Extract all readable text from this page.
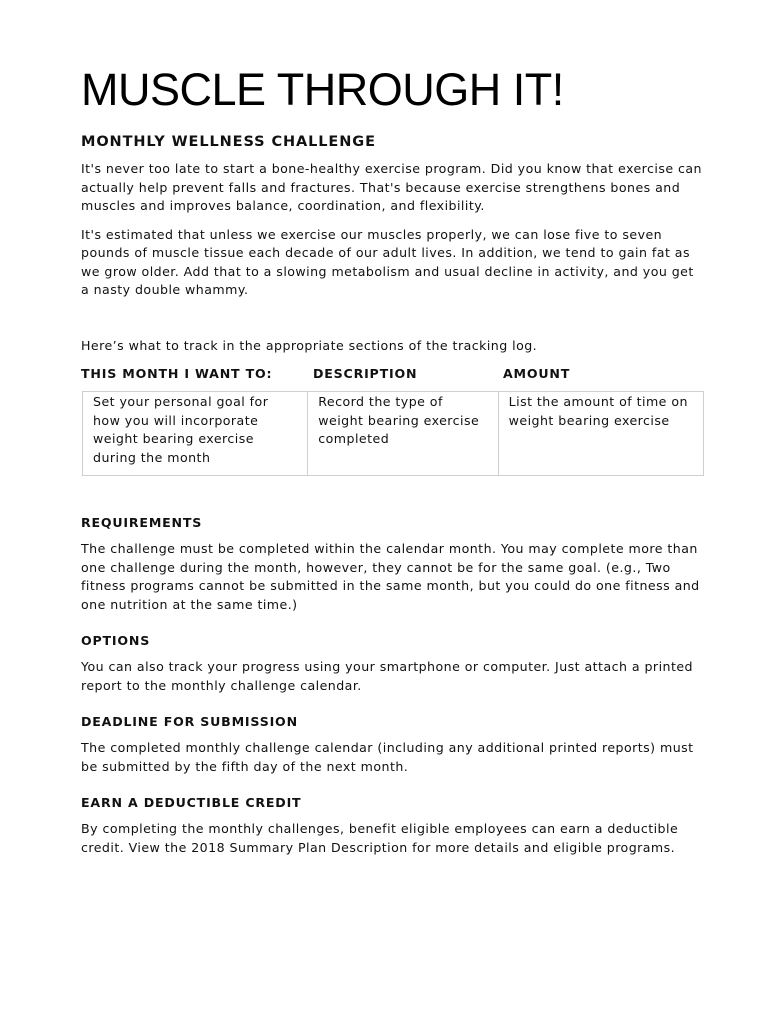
MUSCLE THROUGH IT!
MONTHLY WELLNESS CHALLENGE

It's never too late to start a bone-healthy exercise program. Did you know that exercise can actually help prevent falls and fractures. That's because exercise strengthens bones and muscles and improves balance, coordination, and flexibility.

It's estimated that unless we exercise our muscles properly, we can lose five to seven pounds of muscle tissue each decade of our adult lives. In addition, we tend to gain fat as we grow older. Add that to a slowing metabolism and usual decline in activity, and you get a nasty double whammy.

Here’s what to track in the appropriate sections of the tracking log.

THIS MONTH I WANT TO:	DESCRIPTION	AMOUNT
Set your personal goal for how you will incorporate weight bearing exercise during the month
Record the type of weight bearing exercise completed
List the amount of time on weight bearing exercise
REQUIREMENTS

The challenge must be completed within the calendar month. You may complete more than one challenge during the month, however, they cannot be for the same goal. (e.g., Two fitness programs cannot be submitted in the same month, but you could do one fitness and one nutrition at the same time.)

OPTIONS

You can also track your progress using your smartphone or computer. Just attach a printed report to the monthly challenge calendar.

DEADLINE FOR SUBMISSION

The completed monthly challenge calendar (including any additional printed reports) must be submitted by the fifth day of the next month.

EARN A DEDUCTIBLE CREDIT

By completing the monthly challenges, benefit eligible employees can earn a deductible credit. View the 2018 Summary Plan Description for more details and eligible programs.
